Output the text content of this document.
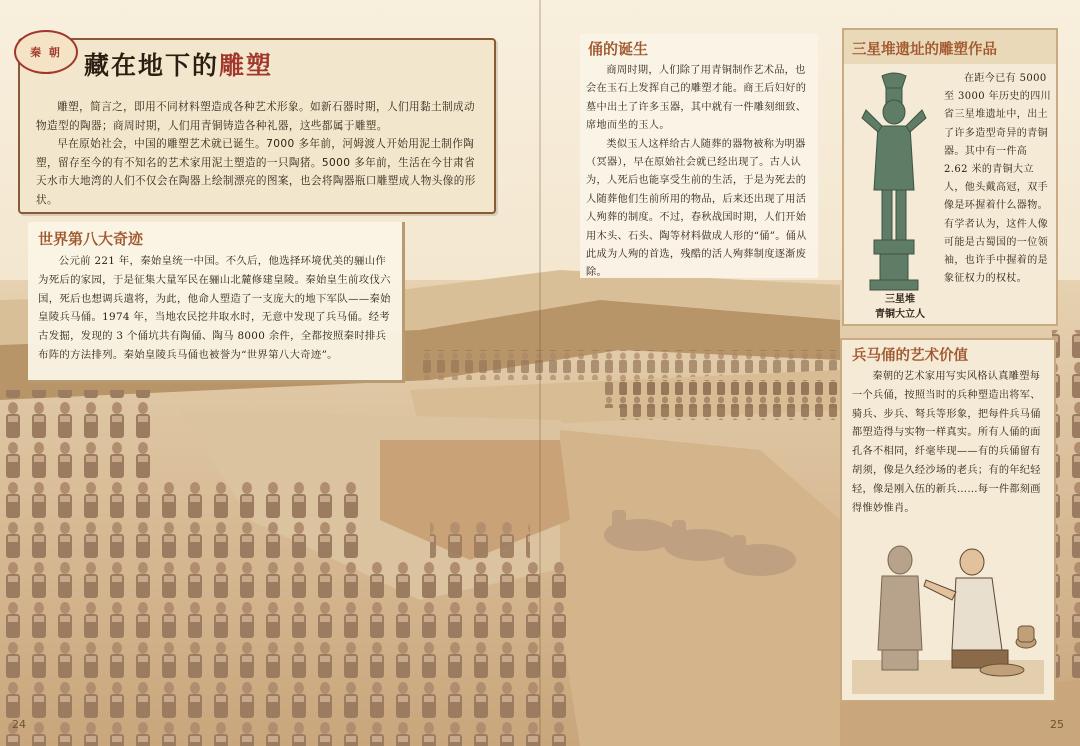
秦 朝 藏在地下的雕塑

雕塑，简言之，即用不同材料塑造成各种艺术形象。如新石器时期，人们用黏土制成动物造型的陶器；商周时期，人们用青铜铸造各种礼器，这些都属于雕塑。

早在原始社会，中国的雕塑艺术就已诞生。7000 多年前，河姆渡人开始用泥土制作陶塑，留存至今的有不知名的艺术家用泥土塑造的一只陶猪。5000 多年前，生活在今甘肃省天水市大地湾的人们不仅会在陶器上绘制漂亮的图案，也会将陶器瓶口雕塑成人物头像的形状。

世界第八大奇迹

公元前 221 年，秦始皇统一中国。不久后，他选择环境优美的骊山作为死后的家园，于是征集大量军民在骊山北麓修建皇陵。秦始皇生前攻伐六国，死后也想调兵遣将，为此，他命人塑造了一支庞大的地下军队——秦始皇陵兵马俑。1974 年，当地农民挖井取水时，无意中发现了兵马俑。经考古发掘，发现的 3 个俑坑共有陶俑、陶马 8000 余件，全都按照秦时排兵布阵的方法排列。秦始皇陵兵马俑也被誉为“世界第八大奇迹”。

俑的诞生

商周时期，人们除了用青铜制作艺术品，也会在玉石上发挥自己的雕塑才能。商王后妇好的墓中出土了许多玉器，其中就有一件雕刻细致、席地而坐的玉人。

类似玉人这样给古人随葬的器物被称为明器（冥器），早在原始社会就已经出现了。古人认为，人死后也能享受生前的生活，于是为死去的人随葬他们生前所用的物品，后来还出现了用活人殉葬的制度。不过，春秋战国时期，人们开始用木头、石头、陶等材料做成人形的“俑”。俑从此成为人殉的首选，残酷的活人殉葬制度逐渐废除。

三星堆遗址的雕塑作品
三星堆
青铜大立人

在距今已有 5000 至 3000 年历史的四川省三星堆遗址中，出土了许多造型奇异的青铜器。其中有一件高 2.62 米的青铜大立人，他头戴高冠，双手像是环握着什么器物。有学者认为，这件人像可能是古蜀国的一位领袖，也许手中握着的是象征权力的权杖。

兵马俑的艺术价值

秦朝的艺术家用写实风格认真雕塑每一个兵俑，按照当时的兵种塑造出将军、骑兵、步兵、弩兵等形象，把每件兵马俑都塑造得与实物一样真实。所有人俑的面孔各不相同，纤毫毕现——有的兵俑留有胡须，像是久经沙场的老兵；有的年纪轻轻，像是刚入伍的新兵……每一件都刻画得惟妙惟肖。

24	25
